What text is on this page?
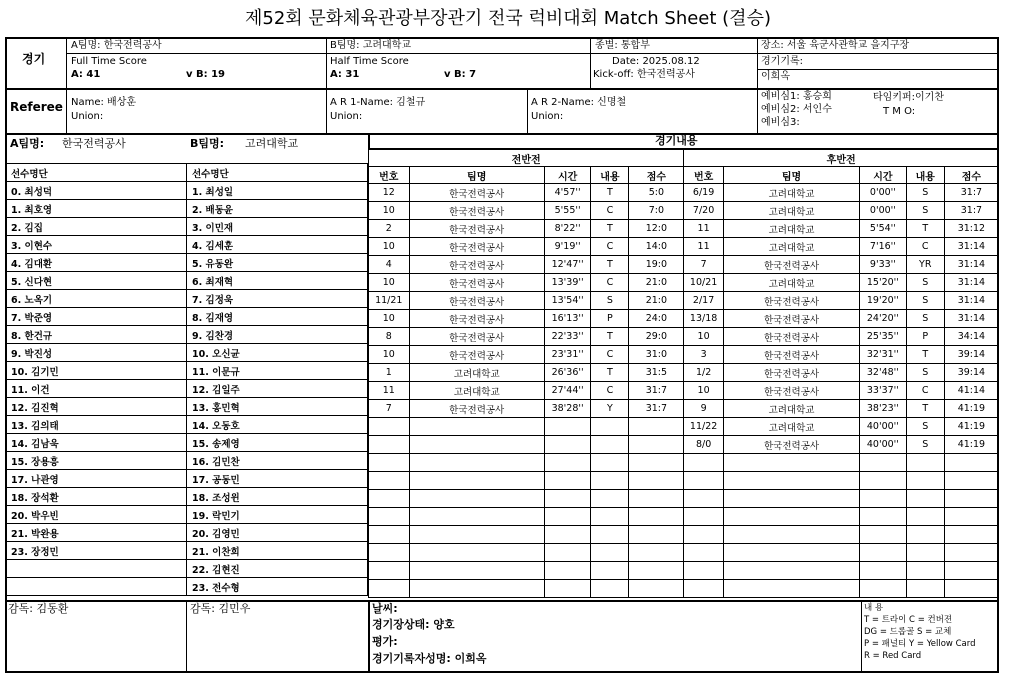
제52회 문화체육관광부장관기 전국 럭비대회 Match Sheet (결승)
경기
A팀명: 한국전력공사	B팀명: 고려대학교	종별: 통합부	장소: 서울 육군사관학교 을지구장
Full Time Score
A: 41	v B: 19
Half Time Score
A: 31	v B: 7
Date: 2025.08.12
Kick-off: 한국전력공사
경기기록:
이희옥
Referee Name: 배상훈
Union:
A R 1-Name: 김철규
Union:
A R 2-Name: 신명철
Union:
예비심1: 홍승희
예비심2: 서인수
예비심3:
타임키퍼:이기찬
T M O:
A팀명: 한국전력공사	B팀명: 고려대학교
선수명단
0. 최성덕
1. 최호영
2. 김집
3. 이현수
4. 김대환
5. 신다현
6. 노옥기
7. 박준영
8. 한건규
9. 박진성
10. 김기민
11. 이건
12. 김진혁
13. 김의태
14. 김남욱
15. 장용흥
17. 나관영
18. 장석환
20. 박우빈
21. 박완용
23. 장정민

선수명단
1. 최성일
2. 배동윤
3. 이민재
4. 김세훈
5. 유동완
6. 최재혁
7. 김정욱
8. 김재영
9. 김찬경
10. 오신균
11. 이문규
12. 김일주
13. 홍민혁
14. 오동호
15. 송제영
16. 김민찬
17. 공동민
18. 조성윈
19. 락민기
20. 김영민
21. 이찬희
22. 김현진
23. 전수형
경기내용
전반전					후반전				
번호	팀명	시간	내용	점수	번호	팀명	시간	내용	점수
12	한국전력공사	4'57''	T	5:0	6/19	고려대학교	0'00''	S	31:7
10	한국전력공사	5'55''	C	7:0	7/20	고려대학교	0'00''	S	31:7
2	한국전력공사	8'22''	T	12:0	11	고려대학교	5'54''	T	31:12
10	한국전력공사	9'19''	C	14:0	11	고려대학교	7'16''	C	31:14
4	한국전력공사	12'47''	T	19:0	7	한국전력공사	9'33''	YR	31:14
10	한국전력공사	13'39''	C	21:0	10/21	고려대학교	15'20''	S	31:14
11/21	한국전력공사	13'54''	S	21:0	2/17	한국전력공사	19'20''	S	31:14
10	한국전력공사	16'13''	P	24:0	13/18	한국전력공사	24'20''	S	31:14
8	한국전력공사	22'33''	T	29:0	10	한국전력공사	25'35''	P	34:14
10	한국전력공사	23'31''	C	31:0	3	한국전력공사	32'31''	T	39:14
1	고려대학교	26'36''	T	31:5	1/2	한국전력공사	32'48''	S	39:14
11	고려대학교	27'44''	C	31:7	10	한국전력공사	33'37''	C	41:14
7	한국전력공사	38'28''	Y	31:7	9	고려대학교	38'23''	T	41:19
					11/22	고려대학교	40'00''	S	41:19
					8/0	한국전력공사	40'00''	S	41:19

감독: 김동환	감독: 김민우	날씨:
경기장상태: 양호
평가:
경기기록자성명: 이희옥
내 용
T = 트라이 C = 컨버젼
DG = 드롭골 S = 교체
P = 패널티 Y = Yellow Card
R = Red Card
